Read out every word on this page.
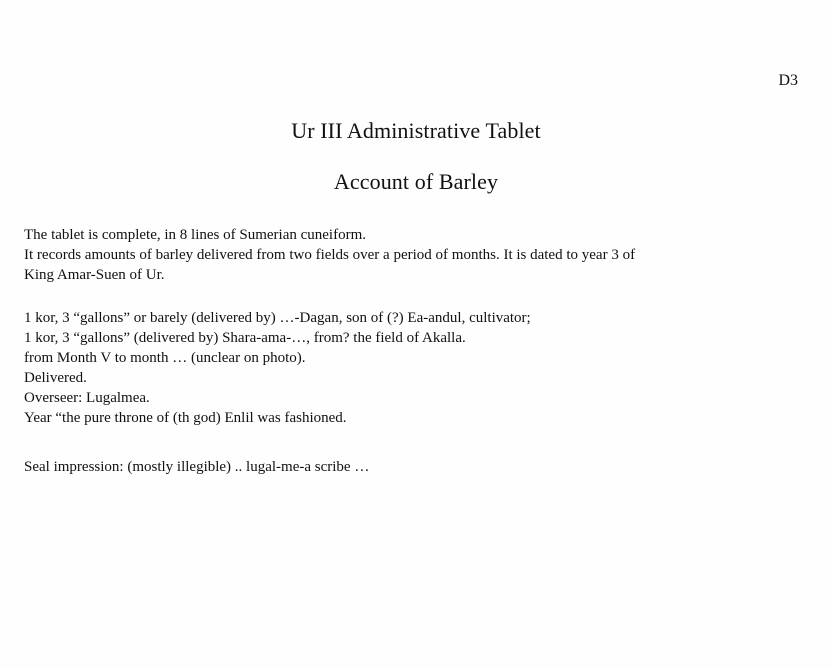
D3
Ur III Administrative Tablet
Account of Barley
The tablet is complete, in 8 lines of Sumerian cuneiform.
It records amounts of barley delivered from two fields over a period of months. It is dated to year 3 of
King Amar-Suen of Ur.
1 kor, 3 “gallons” or barely (delivered by) …-Dagan, son of (?) Ea-andul, cultivator;
1 kor, 3 “gallons” (delivered by) Shara-ama-…, from? the field of Akalla.
from Month V to month … (unclear on photo).
Delivered.
Overseer: Lugalmea.
Year “the pure throne of (th god) Enlil was fashioned.
Seal impression: (mostly illegible) .. lugal-me-a scribe …
